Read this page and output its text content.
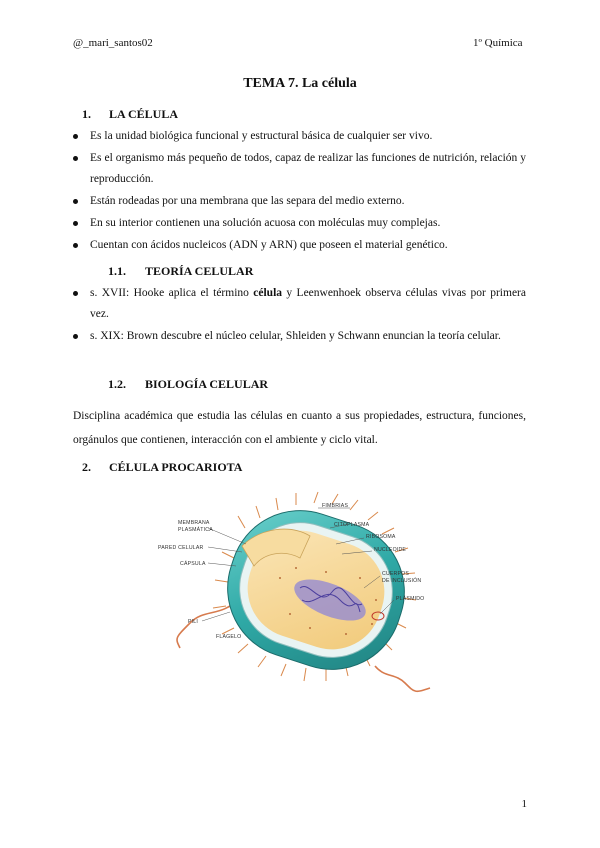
@_mari_santos02	1º Química
TEMA 7. La célula
1. LA CÉLULA
Es la unidad biológica funcional y estructural básica de cualquier ser vivo.
Es el organismo más pequeño de todos, capaz de realizar las funciones de nutrición, relación y reproducción.
Están rodeadas por una membrana que las separa del medio externo.
En su interior contienen una solución acuosa con moléculas muy complejas.
Cuentan con ácidos nucleicos (ADN y ARN) que poseen el material genético.
1.1. TEORÍA CELULAR
s. XVII: Hooke aplica el término célula y Leenwenhoek observa células vivas por primera vez.
s. XIX: Brown descubre el núcleo celular, Shleiden y Schwann enuncian la teoría celular.
1.2. BIOLOGÍA CELULAR
Disciplina académica que estudia las células en cuanto a sus propiedades, estructura, funciones, orgánulos que contienen, interacción con el ambiente y ciclo vital.
2. CÉLULA PROCARIOTA
FIMBRIAS
MEMBRANA
PLASMÁTICA
PARED CELULAR
CÁPSULA
PILI
FLAGELO
CITOPLASMA
RIBOSOMA
NUCLEOIDE
CUERPOS
DE INCLUSIÓN
PLÁSMIDO
1
